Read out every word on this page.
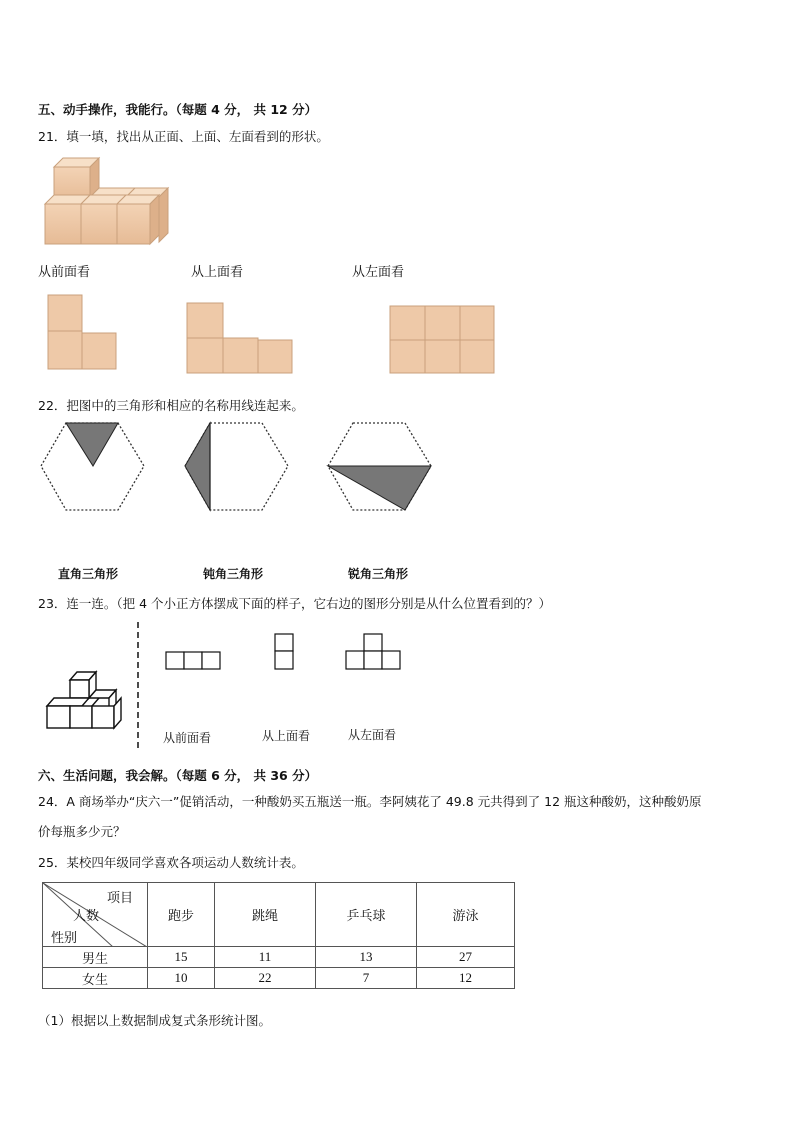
五、动手操作，我能行。（每题 4 分， 共 12 分）
21．填一填，找出从正面、上面、左面看到的形状。
从前面看	从上面看	从左面看
22．把图中的三角形和相应的名称用线连起来。
直角三角形	钝角三角形	锐角三角形
23．连一连。（把 4 个小正方体摆成下面的样子，它右边的图形分别是从什么位置看到的？）
从前面看	从上面看	从左面看
六、生活问题，我会解。（每题 6 分， 共 36 分）
24．A 商场举办“庆六一”促销活动，一种酸奶买五瓶送一瓶。李阿姨花了 49.8 元共得到了 12 瓶这种酸奶，这种酸奶原
价每瓶多少元？
25．某校四年级同学喜欢各项运动人数统计表。
项目
人数
性别	跑步	跳绳	乒乓球	游泳
男生	15	11	13	27
女生	10	22	7	12
（1）根据以上数据制成复式条形统计图。
